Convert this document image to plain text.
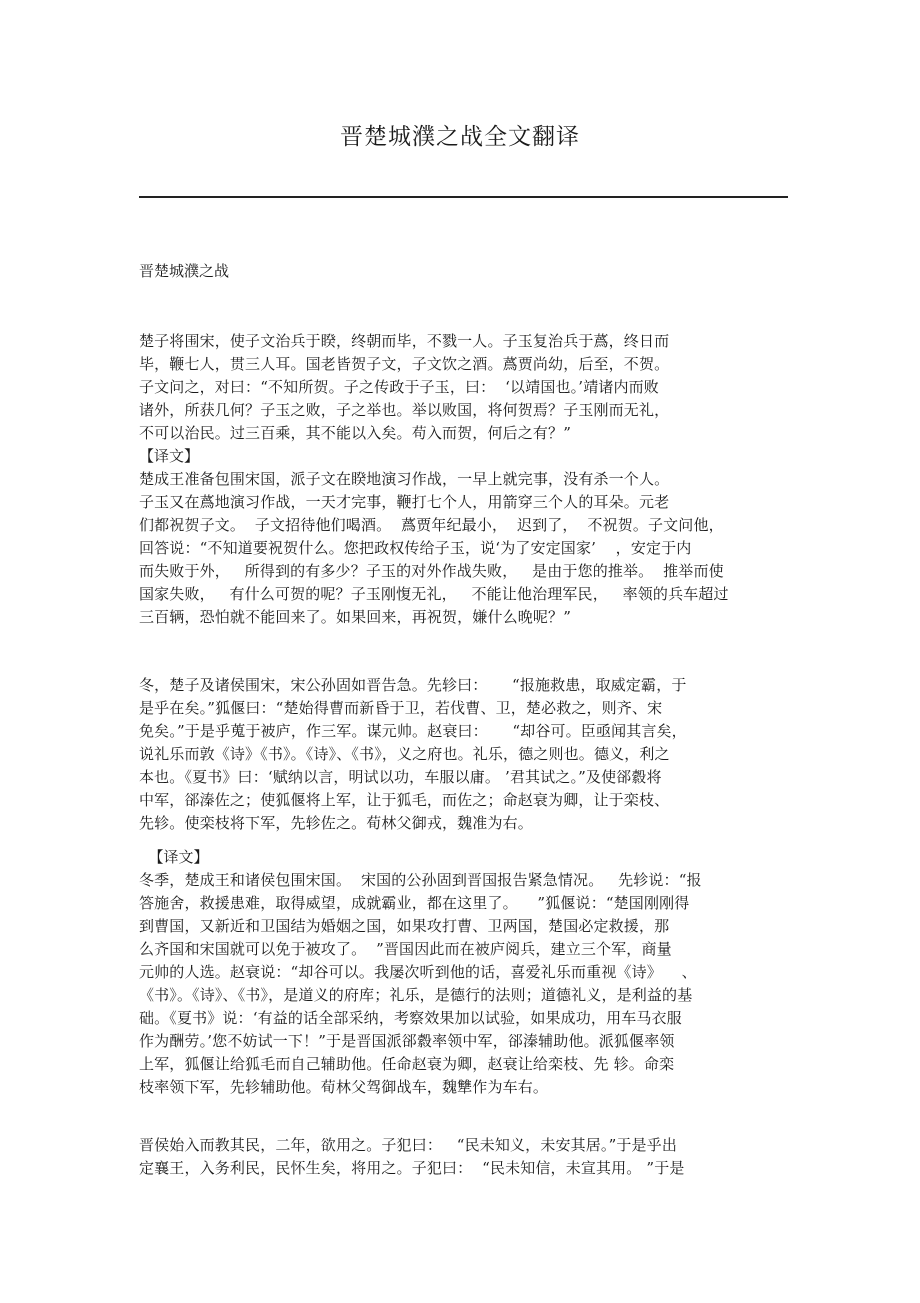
晋楚城濮之战全文翻译
晋楚城濮之战
楚子将围宋，使子文治兵于睽，终朝而毕，不戮一人。子玉复治兵于蔿，终日而
毕，鞭七人，贯三人耳。国老皆贺子文，子文饮之酒。蔿贾尚幼，后至，不贺。
子文问之，对曰：“不知所贺。子之传政于子玉，曰：  ‘以靖国也。’靖诸内而败
诸外，所获几何？子玉之败，子之举也。举以败国，将何贺焉？子玉刚而无礼，
不可以治民。过三百乘，其不能以入矣。苟入而贺，何后之有？”
【译文】
楚成王准备包围宋国，派子文在睽地演习作战，一早上就完事，没有杀一个人。
子玉又在蔿地演习作战，一天才完事，鞭打七个人，用箭穿三个人的耳朵。元老
们都祝贺子文。  子文招待他们喝酒。  蔿贾年纪最小，  迟到了，  不祝贺。子文问他，
回答说：“不知道要祝贺什么。您把政权传给子玉，说‘为了安定国家’    ，安定于内
而失败于外，   所得到的有多少？子玉的对外作战失败，   是由于您的推举。  推举而使
国家失败，   有什么可贺的呢？子玉刚愎无礼，   不能让他治理军民，   率领的兵车超过
三百辆，恐怕就不能回来了。如果回来，再祝贺，嫌什么晚呢？”
冬，楚子及诸侯围宋，宋公孙固如晋告急。先轸曰：     “报施救患，取威定霸，于
是乎在矣。”狐偃曰：“楚始得曹而新昏于卫，若伐曹、卫，楚必救之，则齐、宋
免矣。”于是乎蒐于被庐，作三军。谋元帅。赵衰曰：     “却谷可。臣亟闻其言矣，
说礼乐而敦《诗》《书》。《诗》、《书》，义之府也。礼乐，德之则也。德义，利之
本也。《夏书》曰：‘赋纳以言，明试以功，车服以庸。 ’君其试之。”及使郤縠将
中军，郤溱佐之；使狐偃将上军，让于狐毛，而佐之；命赵衰为卿，让于栾枝、
先轸。使栾枝将下军，先轸佐之。荀林父御戎，魏准为右。
【译文】
冬季，楚成王和诸侯包围宋国。  宋国的公孙固到晋国报告紧急情况。   先轸说：“报
答施舍，救援患难，取得威望，成就霸业，都在这里了。    ”狐偃说：“楚国刚刚得
到曹国，又新近和卫国结为婚姻之国，如果攻打曹、卫两国，楚国必定救援，那
么齐国和宋国就可以免于被攻了。  ”晋国因此而在被庐阅兵，建立三个军，商量
元帅的人选。赵衰说：“却谷可以。我屡次听到他的话，喜爱礼乐而重视《诗》    、
《书》。《诗》、《书》，是道义的府库；礼乐，是德行的法则；道德礼义，是利益的基
础。《夏书》说：‘有益的话全部采纳，考察效果加以试验，如果成功，用车马衣服
作为酬劳。’您不妨试一下！”于是晋国派郤縠率领中军，郤溱辅助他。派狐偃率领
上军，狐偃让给狐毛而自己辅助他。任命赵衰为卿，赵衰让给栾枝、先 轸。命栾
枝率领下军，先轸辅助他。荀林父驾御战车，魏犨作为车右。
晋侯始入而教其民，二年，欲用之。子犯曰：   “民未知义，未安其居。”于是乎出
定襄王，入务利民，民怀生矣，将用之。子犯曰：  “民未知信，未宣其用。 ”于是
